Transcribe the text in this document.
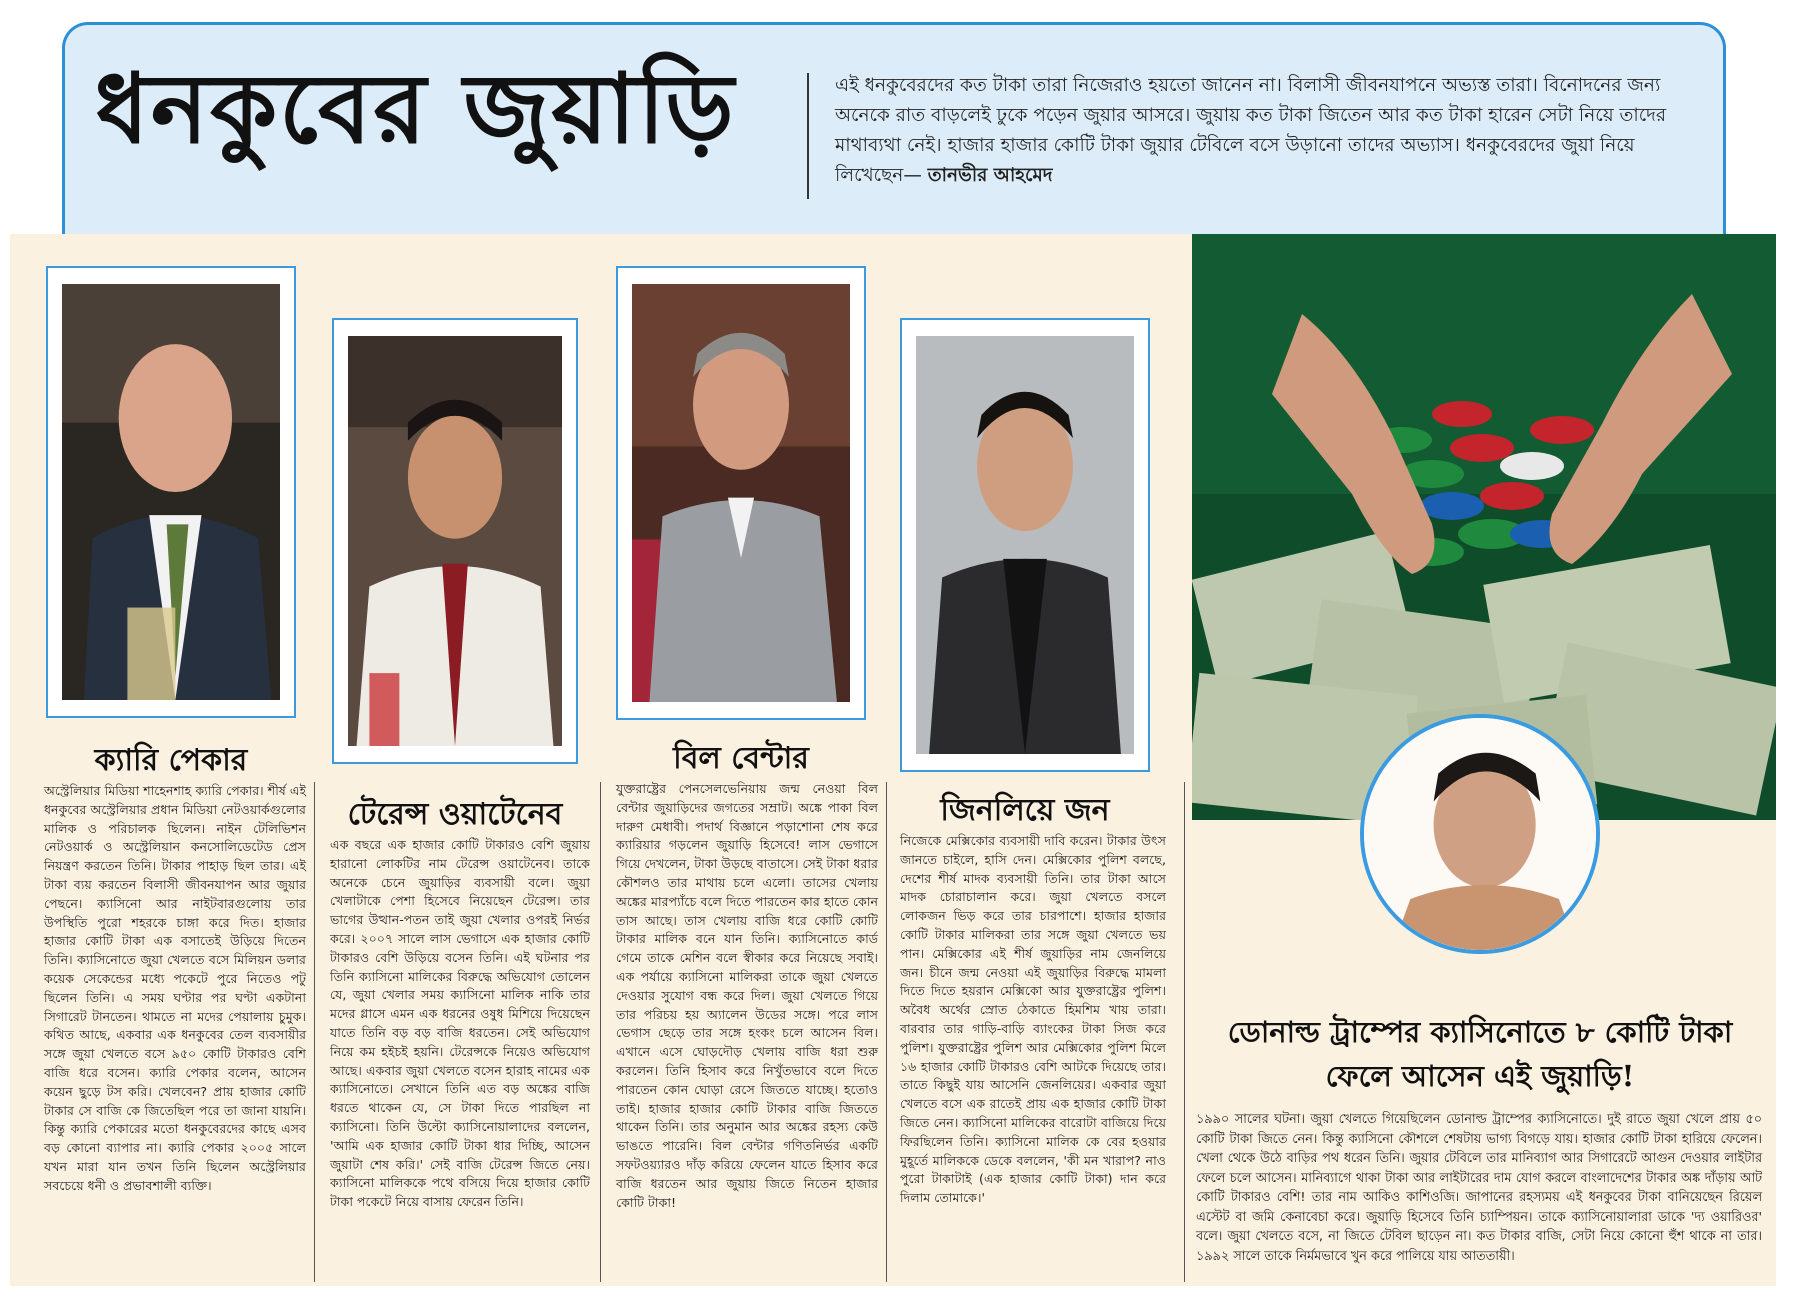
ধনকুবের জুয়াড়ি	এই ধনকুবেরদের কত টাকা তারা নিজেরাও হয়তো জানেন না। বিলাসী জীবনযাপনে অভ্যস্ত তারা। বিনোদনের জন্য অনেকে রাত বাড়লেই ঢুকে পড়েন জুয়ার আসরে। জুয়ায় কত টাকা জিতেন আর কত টাকা হারেন সেটা নিয়ে তাদের মাথাব্যথা নেই। হাজার হাজার কোটি টাকা জুয়ার টেবিলে বসে উড়ানো তাদের অভ্যাস। ধনকুবেরদের জুয়া নিয়ে লিখেছেন— তানভীর আহমেদ
ক্যারি পেকার
অস্ট্রেলিয়ার মিডিয়া শাহেনশাহ ক্যারি পেকার। শীর্ষ এই ধনকুবের অস্ট্রেলিয়ার প্রধান মিডিয়া নেটওয়ার্কগুলোর মালিক ও পরিচালক ছিলেন। নাইন টেলিভিশন নেটওয়ার্ক ও অস্ট্রেলিয়ান কনসোলিডেটেড প্রেস নিয়ন্ত্রণ করতেন তিনি। টাকার পাহাড় ছিল তার। এই টাকা ব্যয় করতেন বিলাসী জীবনযাপন আর জুয়ার পেছনে। ক্যাসিনো আর নাইটবারগুলোয় তার উপস্থিতি পুরো শহরকে চাঙ্গা করে দিত। হাজার হাজার কোটি টাকা এক বসাতেই উড়িয়ে দিতেন তিনি। ক্যাসিনোতে জুয়া খেলতে বসে মিলিয়ন ডলার কয়েক সেকেন্ডের মধ্যে পকেটে পুরে নিতেও পটু ছিলেন তিনি। এ সময় ঘণ্টার পর ঘণ্টা একটানা সিগারেট টানতেন। থামতে না মদের পেয়ালায় চুমুক। কথিত আছে, একবার এক ধনকুবের তেল ব্যবসায়ীর সঙ্গে জুয়া খেলতে বসে ৯৫০ কোটি টাকারও বেশি বাজি ধরে বসেন। ক্যারি পেকার বলেন, আসেন কয়েন ছুড়ে টস করি। খেলবেন? প্রায় হাজার কোটি টাকার সে বাজি কে জিতেছিল পরে তা জানা যায়নি। কিন্তু ক্যারি পেকারের মতো ধনকুবেরদের কাছে এসব বড় কোনো ব্যাপার না। ক্যারি পেকার ২০০৫ সালে যখন মারা যান তখন তিনি ছিলেন অস্ট্রেলিয়ার সবচেয়ে ধনী ও প্রভাবশালী ব্যক্তি।
টেরেন্স ওয়াটেনেব
এক বছরে এক হাজার কোটি টাকারও বেশি জুয়ায় হারানো লোকটির নাম টেরেন্স ওয়াটেনেব। তাকে অনেকে চেনে জুয়াড়ির ব্যবসায়ী বলে। জুয়া খেলাটাকে পেশা হিসেবে নিয়েছেন টেরেন্স। তার ভাগের উত্থান-পতন তাই জুয়া খেলার ওপরই নির্ভর করে। ২০০৭ সালে লাস ভেগাসে এক হাজার কোটি টাকারও বেশি উড়িয়ে বসেন তিনি। এই ঘটনার পর তিনি ক্যাসিনো মালিকের বিরুদ্ধে অভিযোগ তোলেন যে, জুয়া খেলার সময় ক্যাসিনো মালিক নাকি তার মদের গ্লাসে এমন এক ধরনের ওষুধ মিশিয়ে দিয়েছেন যাতে তিনি বড় বড় বাজি ধরতেন। সেই অভিযোগ নিয়ে কম হইচই হয়নি। টেরেন্সকে নিয়েও অভিযোগ আছে। একবার জুয়া খেলতে বসেন হারাহ নামের এক ক্যাসিনোতে। সেখানে তিনি এত বড় অঙ্কের বাজি ধরতে থাকেন যে, সে টাকা দিতে পারছিল না ক্যাসিনো। তিনি উল্টো ক্যাসিনোয়ালাদের বললেন, 'আমি এক হাজার কোটি টাকা ধার দিচ্ছি, আসেন জুয়াটা শেষ করি।' সেই বাজি টেরেন্স জিতে নেয়। ক্যাসিনো মালিককে পথে বসিয়ে দিয়ে হাজার কোটি টাকা পকেটে নিয়ে বাসায় ফেরেন তিনি।
বিল বেন্টার
যুক্তরাষ্ট্রের পেনসেলভেনিয়ায় জন্ম নেওয়া বিল বেন্টার জুয়াড়িদের জগতের সম্রাট। অঙ্কে পাকা বিল দারুণ মেধাবী। পদার্থ বিজ্ঞানে পড়াশোনা শেষ করে ক্যারিয়ার গড়লেন জুয়াড়ি হিসেবে! লাস ভেগাসে গিয়ে দেখলেন, টাকা উড়ছে বাতাসে। সেই টাকা ধরার কৌশলও তার মাথায় চলে এলো। তাসের খেলায় অঙ্কের মারপ্যাঁচে বলে দিতে পারতেন কার হাতে কোন তাস আছে। তাস খেলায় বাজি ধরে কোটি কোটি টাকার মালিক বনে যান তিনি। ক্যাসিনোতে কার্ড গেমে তাকে মেশিন বলে স্বীকার করে নিয়েছে সবাই। এক পর্যায়ে ক্যাসিনো মালিকরা তাকে জুয়া খেলতে দেওয়ার সুযোগ বন্ধ করে দিল। জুয়া খেলতে গিয়ে তার পরিচয় হয় অ্যালেন উডের সঙ্গে। পরে লাস ভেগাস ছেড়ে তার সঙ্গে হংকং চলে আসেন বিল। এখানে এসে ঘোড়দৌড় খেলায় বাজি ধরা শুরু করলেন। তিনি হিসাব করে নিখুঁতভাবে বলে দিতে পারতেন কোন ঘোড়া রেসে জিততে যাচ্ছে। হতোও তাই। হাজার হাজার কোটি টাকার বাজি জিততে থাকেন তিনি। তার অনুমান আর অঙ্কের রহস্য কেউ ভাঙতে পারেনি। বিল বেন্টার গণিতনির্ভর একটি সফটওয়্যারও দাঁড় করিয়ে ফেলেন যাতে হিসাব করে বাজি ধরতেন আর জুয়ায় জিতে নিতেন হাজার কোটি টাকা!
জিনলিয়ে জন
নিজেকে মেক্সিকোর ব্যবসায়ী দাবি করেন। টাকার উৎস জানতে চাইলে, হাসি দেন। মেক্সিকোর পুলিশ বলছে, দেশের শীর্ষ মাদক ব্যবসায়ী তিনি। তার টাকা আসে মাদক চোরাচালান করে। জুয়া খেলতে বসলে লোকজন ভিড় করে তার চারপাশে। হাজার হাজার কোটি টাকার মালিকরা তার সঙ্গে জুয়া খেলতে ভয় পান। মেক্সিকোর এই শীর্ষ জুয়াড়ির নাম জেনলিয়ে জন। চীনে জন্ম নেওয়া এই জুয়াড়ির বিরুদ্ধে মামলা দিতে দিতে হয়রান মেক্সিকো আর যুক্তরাষ্ট্রের পুলিশ। অবৈধ অর্থের স্রোত ঠেকাতে হিমশিম খায় তারা। বারবার তার গাড়ি-বাড়ি ব্যাংকের টাকা সিজ করে পুলিশ। যুক্তরাষ্ট্রের পুলিশ আর মেক্সিকোর পুলিশ মিলে ১৬ হাজার কোটি টাকারও বেশি আটকে দিয়েছে তার। তাতে কিছুই যায় আসেনি জেনলিয়ের। একবার জুয়া খেলতে বসে এক রাতেই প্রায় এক হাজার কোটি টাকা জিতে নেন। ক্যাসিনো মালিকের বারোটা বাজিয়ে দিয়ে ফিরছিলেন তিনি। ক্যাসিনো মালিক কে বের হওয়ার মুহূর্তে মালিককে ডেকে বললেন, 'কী মন খারাপ? নাও পুরো টাকাটাই (এক হাজার কোটি টাকা) দান করে দিলাম তোমাকে।'
ডোনাল্ড ট্রাম্পের ক্যাসিনোতে ৮ কোটি টাকা ফেলে আসেন এই জুয়াড়ি!
১৯৯০ সালের ঘটনা। জুয়া খেলতে গিয়েছিলেন ডোনাল্ড ট্রাম্পের ক্যাসিনোতে। দুই রাতে জুয়া খেলে প্রায় ৫০ কোটি টাকা জিতে নেন। কিন্তু ক্যাসিনো কৌশলে শেষটায় ভাগ্য বিগড়ে যায়। হাজার কোটি টাকা হারিয়ে ফেলেন। খেলা থেকে উঠে বাড়ির পথ ধরেন তিনি। জুয়ার টেবিলে তার মানিব্যাগ আর সিগারেটে আগুন দেওয়ার লাইটার ফেলে চলে আসেন। মানিব্যাগে থাকা টাকা আর লাইটারের দাম যোগ করলে বাংলাদেশের টাকার অঙ্ক দাঁড়ায় আট কোটি টাকারও বেশি! তার নাম আকিও কাশিওজি। জাপানের রহস্যময় এই ধনকুবের টাকা বানিয়েছেন রিয়েল এস্টেট বা জমি কেনাবেচা করে। জুয়াড়ি হিসেবে তিনি চ্যাম্পিয়ন। তাকে ক্যাসিনোয়ালারা ডাকে 'দ্য ওয়ারিওর' বলে। জুয়া খেলতে বসে, না জিতে টেবিল ছাড়েন না। কত টাকার বাজি, সেটা নিয়ে কোনো হুঁশ থাকে না তার। ১৯৯২ সালে তাকে নির্মমভাবে খুন করে পালিয়ে যায় আততায়ী।
